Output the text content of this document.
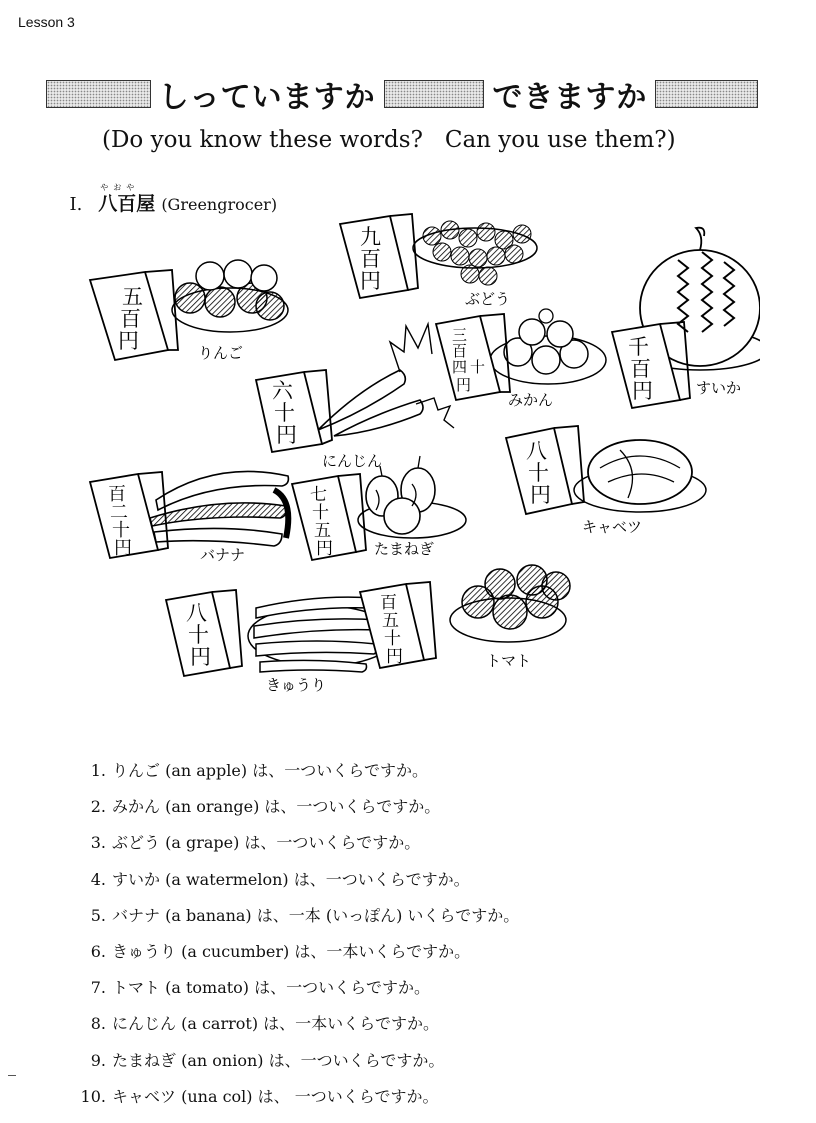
Lesson 3
しっていますか	できますか
(Do you know these words?   Can you use them?)

I.
やおや
八百屋 (Greengrocer)

五
百
円	りんご
九
百
円
ぶどう
三
百
四 十
円
みかん
千
百
円	すいか
六
十
円
にんじん	八
十
円
キャベツ
百
二
十
円	バナナ
七
十
五
円	たまねぎ
八
十
円
きゅうり
百
五
十
円	トマト
1. りんご (an apple) は、一ついくらですか。
2. みかん (an orange) は、一ついくらですか。
3. ぶどう (a grape) は、一ついくらですか。
4. すいか (a watermelon) は、一ついくらですか。
5. バナナ (a banana) は、一本 (いっぽん) いくらですか。
6. きゅうり (a cucumber) は、一本いくらですか。
7. トマト (a tomato) は、一ついくらですか。
8. にんじん (a carrot) は、一本いくらですか。
9. たまねぎ (an onion) は、一ついくらですか。
10. キャベツ (una col) は、 一ついくらですか。
